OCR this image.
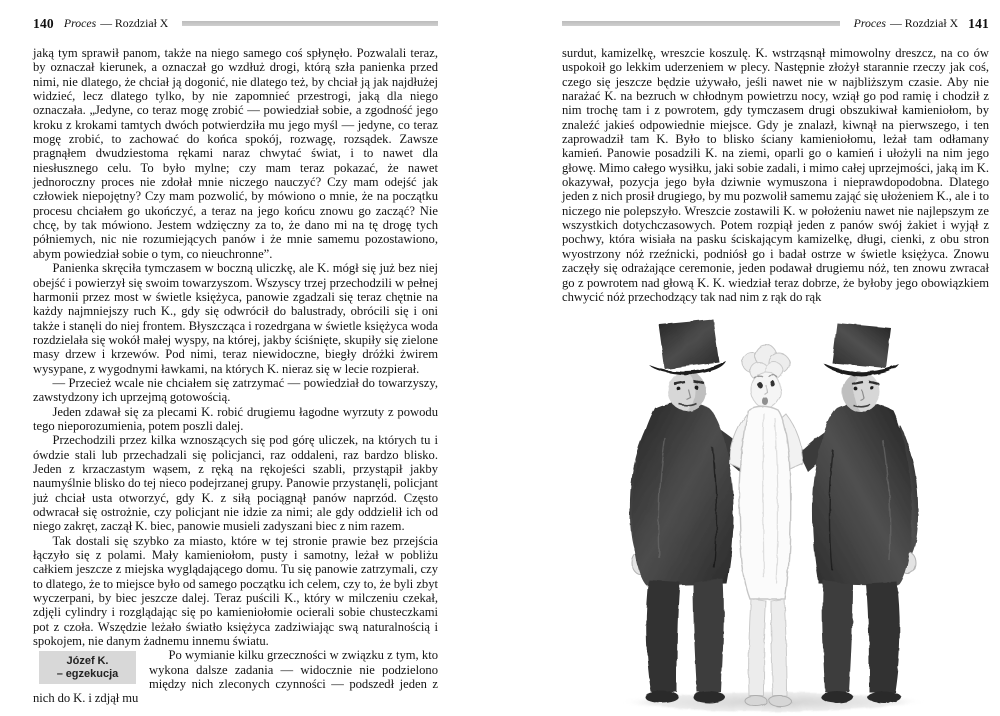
140 Proces — Rozdział X

jaką tym sprawił panom, także na niego samego coś spłynęło. Pozwalali teraz, by oznaczał kierunek, a oznaczał go wzdłuż drogi, którą szła panienka przed nimi, nie dlatego, że chciał ją dogonić, nie dlatego też, by chciał ją jak najdłużej widzieć, lecz dlatego tylko, by nie zapomnieć przestrogi, jaką dla niego oznaczała. „Jedyne, co teraz mogę zrobić — powiedział sobie, a zgodność jego kroku z krokami tamtych dwóch potwierdziła mu jego myśl — jedyne, co teraz mogę zrobić, to zachować do końca spokój, rozwagę, rozsądek. Zawsze pragnąłem dwudziestoma rękami naraz chwytać świat, i to nawet dla niesłusznego celu. To było mylne; czy mam teraz pokazać, że nawet jednoroczny proces nie zdołał mnie niczego nauczyć? Czy mam odejść jak człowiek niepojętny? Czy mam pozwolić, by mówiono o mnie, że na początku procesu chciałem go ukończyć, a teraz na jego końcu znowu go zacząć? Nie chcę, by tak mówiono. Jestem wdzięczny za to, że dano mi na tę drogę tych półniemych, nic nie rozumiejących panów i że mnie samemu pozostawiono, abym powiedział sobie o tym, co nieuchronne”.

Panienka skręciła tymczasem w boczną uliczkę, ale K. mógł się już bez niej obejść i powierzył się swoim towarzyszom. Wszyscy trzej przechodzili w pełnej harmonii przez most w świetle księżyca, panowie zgadzali się teraz chętnie na każdy najmniejszy ruch K., gdy się odwrócił do balustrady, obrócili się i oni także i stanęli do niej frontem. Błyszcząca i rozedrgana w świetle księżyca woda rozdzielała się wokół małej wyspy, na której, jakby ściśnięte, skupiły się zielone masy drzew i krzewów. Pod nimi, teraz niewidoczne, biegły dróżki żwirem wysypane, z wygodnymi ławkami, na których K. nieraz się w lecie rozpierał.

— Przecież wcale nie chciałem się zatrzymać — powiedział do towarzyszy, zawstydzony ich uprzejmą gotowością.

Jeden zdawał się za plecami K. robić drugiemu łagodne wyrzuty z powodu tego nieporozumienia, potem poszli dalej.

Przechodzili przez kilka wznoszących się pod górę uliczek, na których tu i ówdzie stali lub przechadzali się policjanci, raz oddaleni, raz bardzo blisko. Jeden z krzaczastym wąsem, z ręką na rękojeści szabli, przystąpił jakby naumyślnie blisko do tej nieco podejrzanej grupy. Panowie przystanęli, policjant już chciał usta otworzyć, gdy K. z siłą pociągnął panów naprzód. Często odwracał się ostrożnie, czy policjant nie idzie za nimi; ale gdy oddzielił ich od niego zakręt, zaczął K. biec, panowie musieli zadyszani biec z nim razem.

Tak dostali się szybko za miasto, które w tej stronie prawie bez przejścia łączyło się z polami. Mały kamieniołom, pusty i samotny, leżał w pobliżu całkiem jeszcze z miejska wyglądającego domu. Tu się panowie zatrzymali, czy to dlatego, że to miejsce było od samego początku ich celem, czy to, że byli zbyt wyczerpani, by biec jeszcze dalej. Teraz puścili K., który w milczeniu czekał, zdjęli cylindry i rozglądając się po kamieniołomie ocierali sobie chusteczkami pot z czoła. Wszędzie leżało światło księżyca zadziwiając swą naturalnością i spokojem, nie danym żadnemu innemu światu.

Józef K.
– egzekucja
Po wymianie kilku grzeczności w związku z tym, kto wykona dalsze zadania — widocznie nie podzielono między nich zleconych czynności — podszedł jeden z nich do K. i zdjął mu

Proces — Rozdział X 141

surdut, kamizelkę, wreszcie koszulę. K. wstrząsnął mimowolny dreszcz, na co ów uspokoił go lekkim uderzeniem w plecy. Następnie złożył starannie rzeczy jak coś, czego się jeszcze będzie używało, jeśli nawet nie w najbliższym czasie. Aby nie narażać K. na bezruch w chłodnym powietrzu nocy, wziął go pod ramię i chodził z nim trochę tam i z powrotem, gdy tymczasem drugi obszukiwał kamieniołom, by znaleźć jakieś odpowiednie miejsce. Gdy je znalazł, kiwnął na pierwszego, i ten zaprowadził tam K. Było to blisko ściany kamieniołomu, leżał tam odłamany kamień. Panowie posadzili K. na ziemi, oparli go o kamień i ułożyli na nim jego głowę. Mimo całego wysiłku, jaki sobie zadali, i mimo całej uprzejmości, jaką im K. okazywał, pozycja jego była dziwnie wymuszona i nieprawdopodobna. Dlatego jeden z nich prosił drugiego, by mu pozwolił samemu zająć się ułożeniem K., ale i to niczego nie polepszyło. Wreszcie zostawili K. w położeniu nawet nie najlepszym ze wszystkich dotychczasowych. Potem rozpiął jeden z panów swój żakiet i wyjął z pochwy, która wisiała na pasku ściskającym kamizelkę, długi, cienki, z obu stron wyostrzony nóż rzeźnicki, podniósł go i badał ostrze w świetle księżyca. Znowu zaczęły się odrażające ceremonie, jeden podawał drugiemu nóż, ten znowu zwracał go z powrotem nad głową K. K. wiedział teraz dobrze, że byłoby jego obowiązkiem chwycić nóż przechodzący tak nad nim z rąk do rąk
